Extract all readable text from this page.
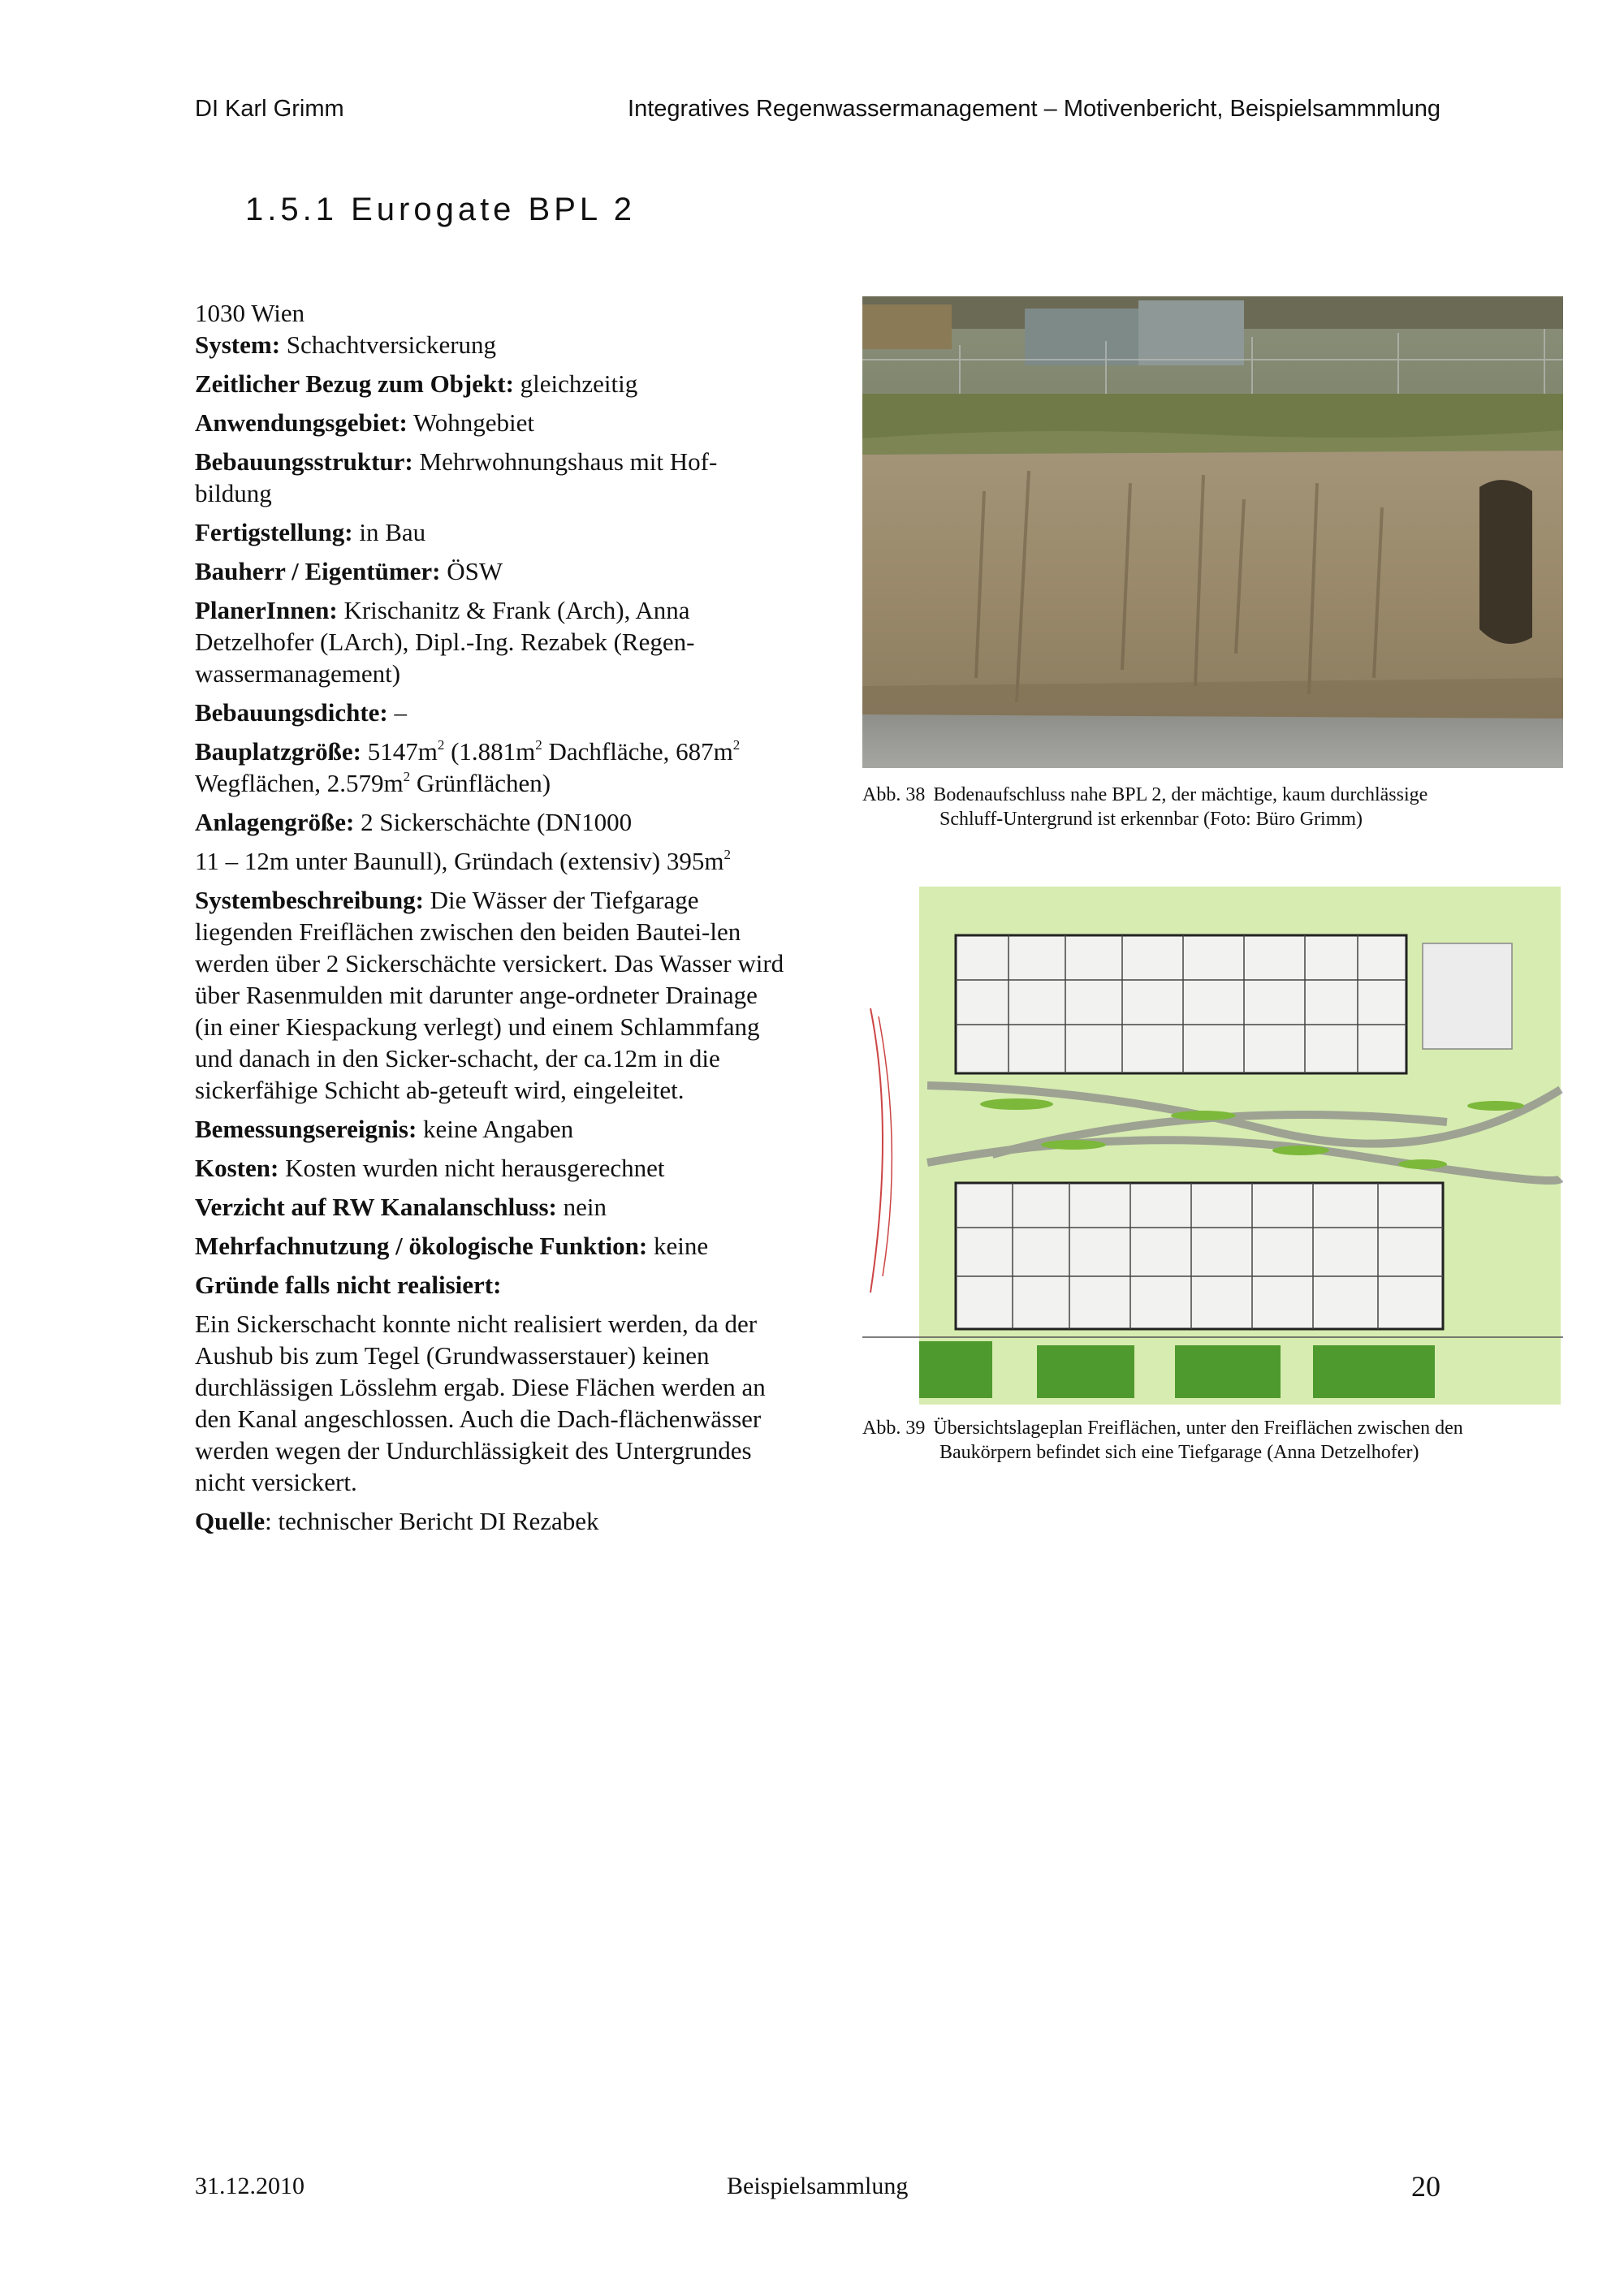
DI Karl Grimm	Integratives Regenwassermanagement – Motivenbericht, Beispielsammmlung
1.5.1 Eurogate BPL 2

1030 Wien

System: Schachtversickerung

Zeitlicher Bezug zum Objekt: gleichzeitig

Anwendungsgebiet: Wohngebiet

Bebauungsstruktur: Mehrwohnungshaus mit Hof-bildung

Fertigstellung: in Bau

Bauherr / Eigentümer: ÖSW

PlanerInnen: Krischanitz & Frank (Arch), Anna Detzelhofer (LArch), Dipl.-Ing. Rezabek (Regen-wassermanagement)

Bebauungsdichte: –

Bauplatzgröße: $5147m^2$ ($1.881m^2$ Dachfläche, $687m^2$ Wegflächen, $2.579m^2$ Grünflächen)

Anlagengröße: 2 Sickerschächte (DN1000

11 – 12m unter Baunull), Gründach (extensiv) $395m^2$

Systembeschreibung: Die Wässer der Tiefgarage liegenden Freiflächen zwischen den beiden Bautei-len werden über 2 Sickerschächte versickert. Das Wasser wird über Rasenmulden mit darunter ange-ordneter Drainage (in einer Kiespackung verlegt) und einem Schlammfang und danach in den Sicker-schacht, der ca.12m in die sickerfähige Schicht ab-geteuft wird, eingeleitet.

Bemessungsereignis: keine Angaben

Kosten: Kosten wurden nicht herausgerechnet

Verzicht auf RW Kanalanschluss: nein

Mehrfachnutzung / ökologische Funktion: keine

Gründe falls nicht realisiert:

Ein Sickerschacht konnte nicht realisiert werden, da der Aushub bis zum Tegel (Grundwasserstauer) keinen durchlässigen Lösslehm ergab. Diese Flächen werden an den Kanal angeschlossen. Auch die Dach-flächenwässer werden wegen der Undurchlässigkeit des Untergrundes nicht versickert.

Quelle: technischer Bericht DI Rezabek

Abb. 38 Bodenaufschluss nahe BPL 2, der mächtige, kaum durchlässige
Schluff-Untergrund ist erkennbar (Foto: Büro Grimm)
Abb. 39 Übersichtslageplan Freiflächen, unter den Freiflächen zwischen den
Baukörpern befindet sich eine Tiefgarage (Anna Detzelhofer)
31.12.2010	Beispielsammlung	20
